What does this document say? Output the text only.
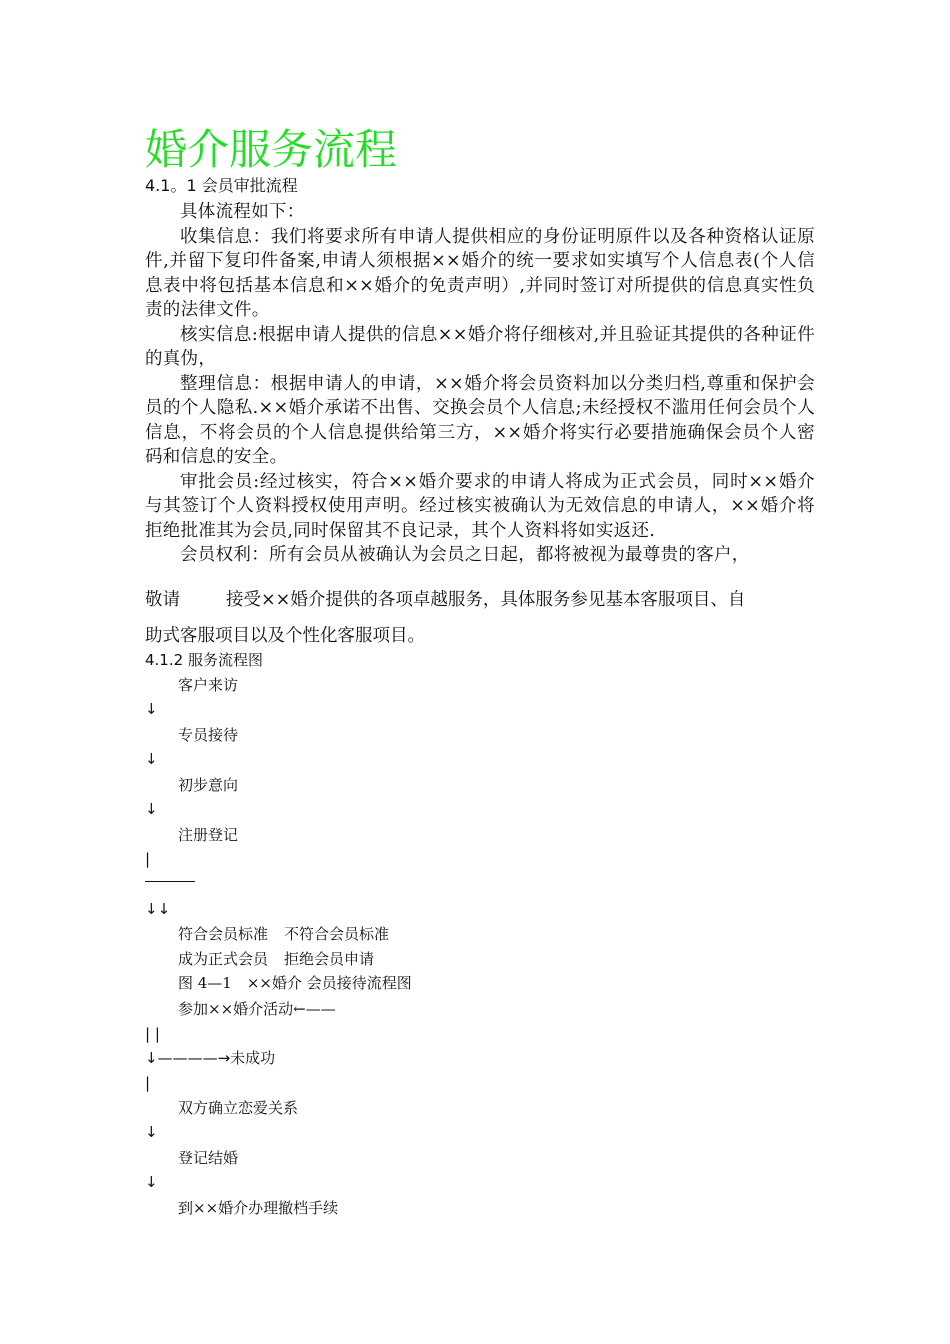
婚介服务流程
4.1。1 会员审批流程

具体流程如下：

收集信息：我们将要求所有申请人提供相应的身份证明原件以及各种资格认证原件,并留下复印件备案,申请人须根据××婚介的统一要求如实填写个人信息表(个人信息表中将包括基本信息和××婚介的免责声明）,并同时签订对所提供的信息真实性负责的法律文件。

核实信息:根据申请人提供的信息××婚介将仔细核对,并且验证其提供的各种证件的真伪，

整理信息：根据申请人的申请，××婚介将会员资料加以分类归档,尊重和保护会员的个人隐私.××婚介承诺不出售、交换会员个人信息;未经授权不滥用任何会员个人信息，不将会员的个人信息提供给第三方，××婚介将实行必要措施确保会员个人密码和信息的安全。

审批会员:经过核实，符合××婚介要求的申请人将成为正式会员，同时××婚介与其签订个人资料授权使用声明。经过核实被确认为无效信息的申请人，××婚介将拒绝批准其为会员,同时保留其不良记录，其个人资料将如实返还.

会员权利：所有会员从被确认为会员之日起，都将被视为最尊贵的客户，

敬请	接受××婚介提供的各项卓越服务，具体服务参见基本客服项目、自
助式客服项目以及个性化客服项目。
4.1.2 服务流程图
客户来访
↓
专员接待
↓
初步意向
↓
注册登记
|
↓↓
符合会员标准 不符合会员标准
成为正式会员 拒绝会员申请
图 4—1　××婚介 会员接待流程图
参加××婚介活动←——
| |
↓————→未成功
|
双方确立恋爱关系
↓
登记结婚
↓
到××婚介办理撤档手续
